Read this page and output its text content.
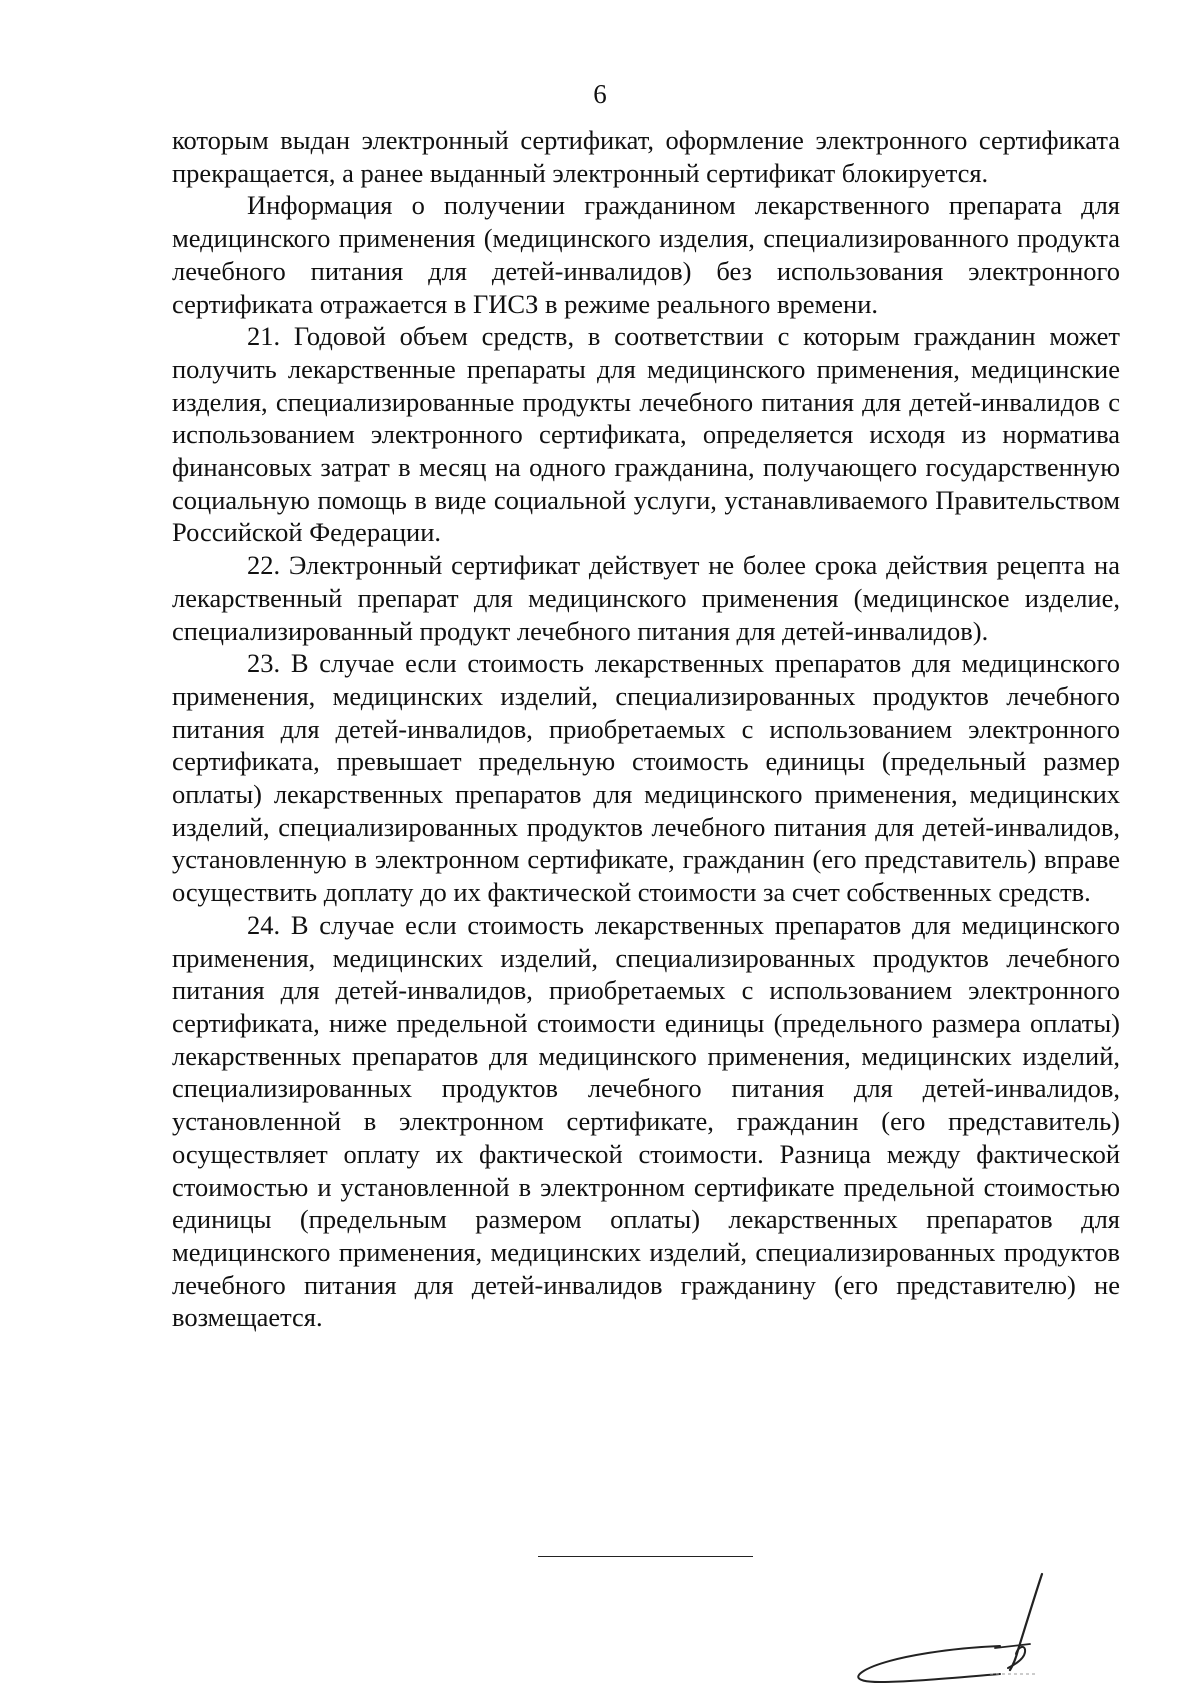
6

которым выдан электронный сертификат, оформление электронного сертификата прекращается, а ранее выданный электронный сертификат блокируется.

Информация о получении гражданином лекарственного препарата для медицинского применения (медицинского изделия, специализированного продукта лечебного питания для детей-инвалидов) без использования электронного сертификата отражается в ГИСЗ в режиме реального времени.

21. Годовой объем средств, в соответствии с которым гражданин может получить лекарственные препараты для медицинского применения, медицинские изделия, специализированные продукты лечебного питания для детей-инвалидов с использованием электронного сертификата, определяется исходя из норматива финансовых затрат в месяц на одного гражданина, получающего государственную социальную помощь в виде социальной услуги, устанавливаемого Правительством Российской Федерации.

22. Электронный сертификат действует не более срока действия рецепта на лекарственный препарат для медицинского применения (медицинское изделие, специализированный продукт лечебного питания для детей-инвалидов).

23. В случае если стоимость лекарственных препаратов для медицинского применения, медицинских изделий, специализированных продуктов лечебного питания для детей-инвалидов, приобретаемых с использованием электронного сертификата, превышает предельную стоимость единицы (предельный размер оплаты) лекарственных препаратов для медицинского применения, медицинских изделий, специализированных продуктов лечебного питания для детей-инвалидов, установленную в электронном сертификате, гражданин (его представитель) вправе осуществить доплату до их фактической стоимости за счет собственных средств.

24. В случае если стоимость лекарственных препаратов для медицинского применения, медицинских изделий, специализированных продуктов лечебного питания для детей-инвалидов, приобретаемых с использованием электронного сертификата, ниже предельной стоимости единицы (предельного размера оплаты) лекарственных препаратов для медицинского применения, медицинских изделий, специализированных продуктов лечебного питания для детей-инвалидов, установленной в электронном сертификате, гражданин (его представитель) осуществляет оплату их фактической стоимости. Разница между фактической стоимостью и установленной в электронном сертификате предельной стоимостью единицы (предельным размером оплаты) лекарственных препаратов для медицинского применения, медицинских изделий, специализированных продуктов лечебного питания для детей-инвалидов гражданину (его представителю) не возмещается.
